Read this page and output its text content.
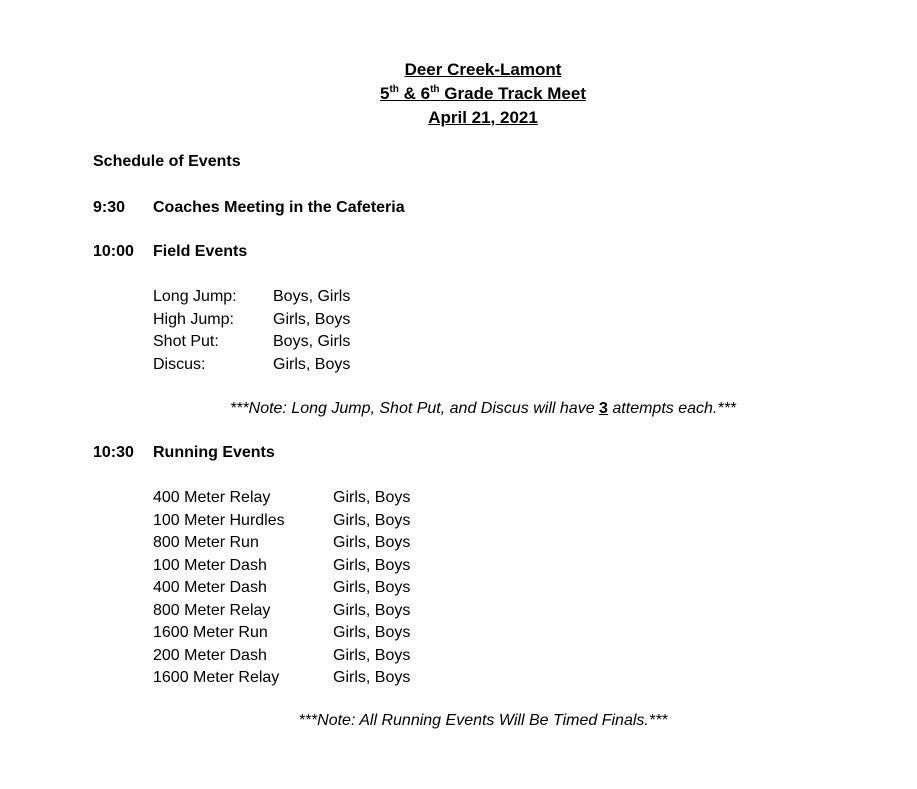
Deer Creek-Lamont
5th & 6th Grade Track Meet
April 21, 2021
Schedule of Events
9:30 Coaches Meeting in the Cafeteria
10:00 Field Events
Long Jump: Boys, Girls
High Jump: Girls, Boys
Shot Put:	Boys, Girls
Discus:	Girls, Boys
***Note: Long Jump, Shot Put, and Discus will have 3 attempts each.***
10:30 Running Events
400 Meter Relay	Girls, Boys
100 Meter Hurdles	Girls, Boys
800 Meter Run	Girls, Boys
100 Meter Dash	Girls, Boys
400 Meter Dash	Girls, Boys
800 Meter Relay	Girls, Boys
1600 Meter Run	Girls, Boys
200 Meter Dash	Girls, Boys
1600 Meter Relay	Girls, Boys
***Note: All Running Events Will Be Timed Finals.***
